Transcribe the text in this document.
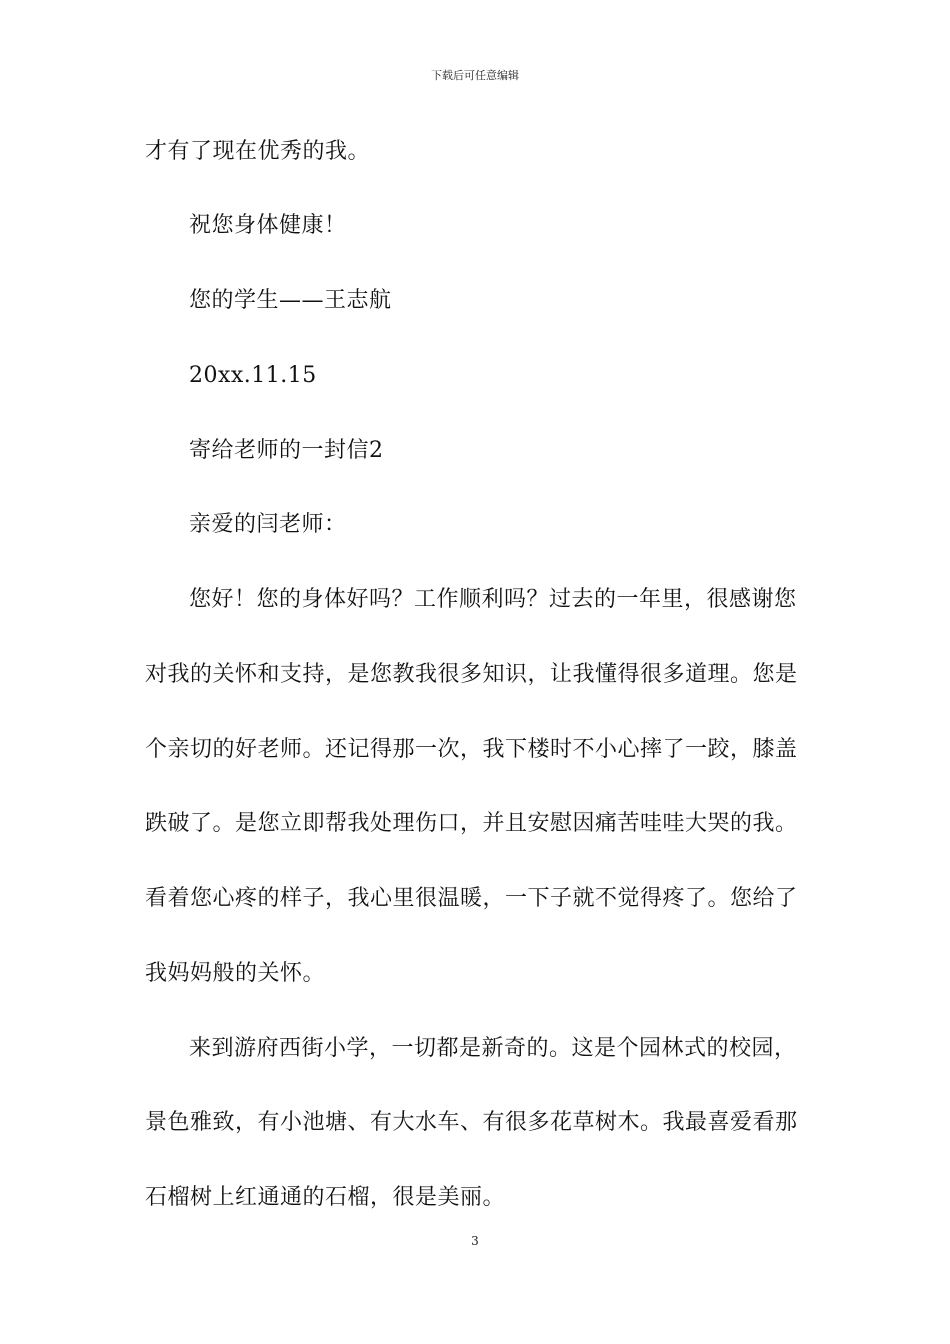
下载后可任意编辑
才有了现在优秀的我。
祝您身体健康！
您的学生——王志航
20xx.11.15
寄给老师的一封信2
亲爱的闫老师：
您好！您的身体好吗？工作顺利吗？过去的一年里，很感谢您
对我的关怀和支持，是您教我很多知识，让我懂得很多道理。您是
个亲切的好老师。还记得那一次，我下楼时不小心摔了一跤，膝盖
跌破了。是您立即帮我处理伤口，并且安慰因痛苦哇哇大哭的我。
看着您心疼的样子，我心里很温暖，一下子就不觉得疼了。您给了
我妈妈般的关怀。
来到游府西街小学，一切都是新奇的。这是个园林式的校园，
景色雅致，有小池塘、有大水车、有很多花草树木。我最喜爱看那
石榴树上红通通的石榴，很是美丽。
3
